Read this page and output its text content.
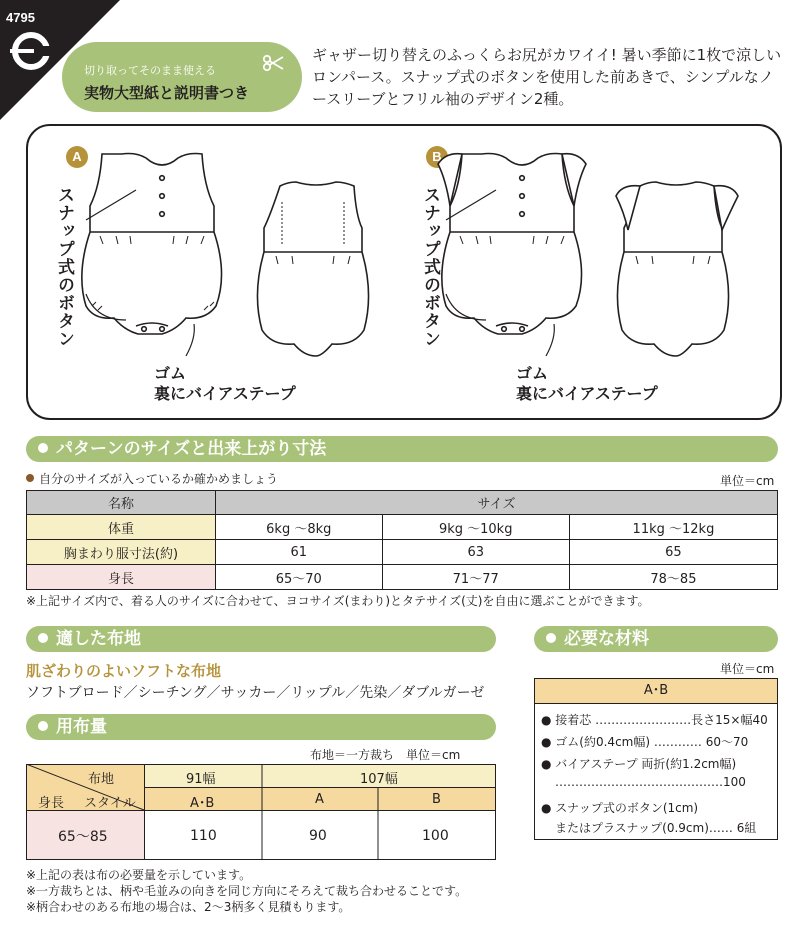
4795
切り取ってそのまま使える
実物大型紙と説明書つき
ギャザー切り替えのふっくらお尻がカワイイ! 暑い季節に1枚で涼しいロンパース。スナップ式のボタンを使用した前あきで、シンプルなノースリーブとフリル袖のデザイン2種。
A	B
スナップ式のボタン	スナップ式のボタン
ゴム
裏にバイアステープ
ゴム
裏にバイアステープ
パターンのサイズと出来上がり寸法
自分のサイズが入っているか確かめましょう	単位＝cm
名称	サイズ		
体重	6kg ～8kg	9kg ～10kg	11kg ～12kg
胸まわり服寸法(約)	61	63	65
身長	65～70	71～77	78～85
※上記サイズ内で、着る人のサイズに合わせて、ヨコサイズ(まわり)とタテサイズ(丈)を自由に選ぶことができます。
適した布地
肌ざわりのよいソフトな布地
ソフトブロード／シーチング／サッカー／リップル／先染／ダブルガーゼ
用布量
布地＝一方裁ち　単位＝cm
布地
身長 スタイル
91幅	107幅
A･B	A	B
65～85	110	90	100
※上記の表は布の必要量を示しています。
※一方裁ちとは、柄や毛並みの向きを同じ方向にそろえて裁ち合わせることです。
※柄合わせのある布地の場合は、2～3柄多く見積もります。
必要な材料
単位＝cm
A･B
● 接着芯 ……………………長さ15×幅40
● ゴム(約0.4cm幅) ………… 60～70
● バイアステープ 両折(約1.2cm幅)
……………………………………100
● スナップ式のボタン(1cm)
またはプラスナップ(0.9cm)…… 6組
